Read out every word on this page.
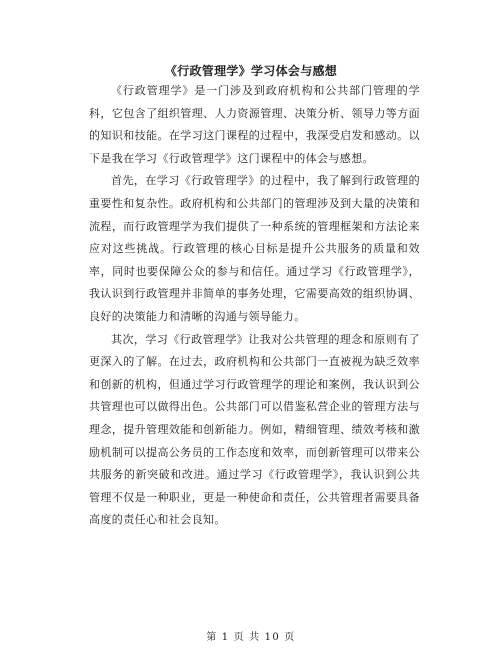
《行政管理学》学习体会与感想

《行政管理学》是一门涉及到政府机构和公共部门管理的学科，它包含了组织管理、人力资源管理、决策分析、领导力等方面的知识和技能。在学习这门课程的过程中，我深受启发和感动。以下是我在学习《行政管理学》这门课程中的体会与感想。

首先，在学习《行政管理学》的过程中，我了解到行政管理的重要性和复杂性。政府机构和公共部门的管理涉及到大量的决策和流程，而行政管理学为我们提供了一种系统的管理框架和方法论来应对这些挑战。行政管理的核心目标是提升公共服务的质量和效率，同时也要保障公众的参与和信任。通过学习《行政管理学》，我认识到行政管理并非简单的事务处理，它需要高效的组织协调、良好的决策能力和清晰的沟通与领导能力。

其次，学习《行政管理学》让我对公共管理的理念和原则有了更深入的了解。在过去，政府机构和公共部门一直被视为缺乏效率和创新的机构，但通过学习行政管理学的理论和案例，我认识到公共管理也可以做得出色。公共部门可以借鉴私营企业的管理方法与理念，提升管理效能和创新能力。例如，精细管理、绩效考核和激励机制可以提高公务员的工作态度和效率，而创新管理可以带来公共服务的新突破和改进。通过学习《行政管理学》，我认识到公共管理不仅是一种职业，更是一种使命和责任，公共管理者需要具备高度的责任心和社会良知。

第 1 页 共 10 页
